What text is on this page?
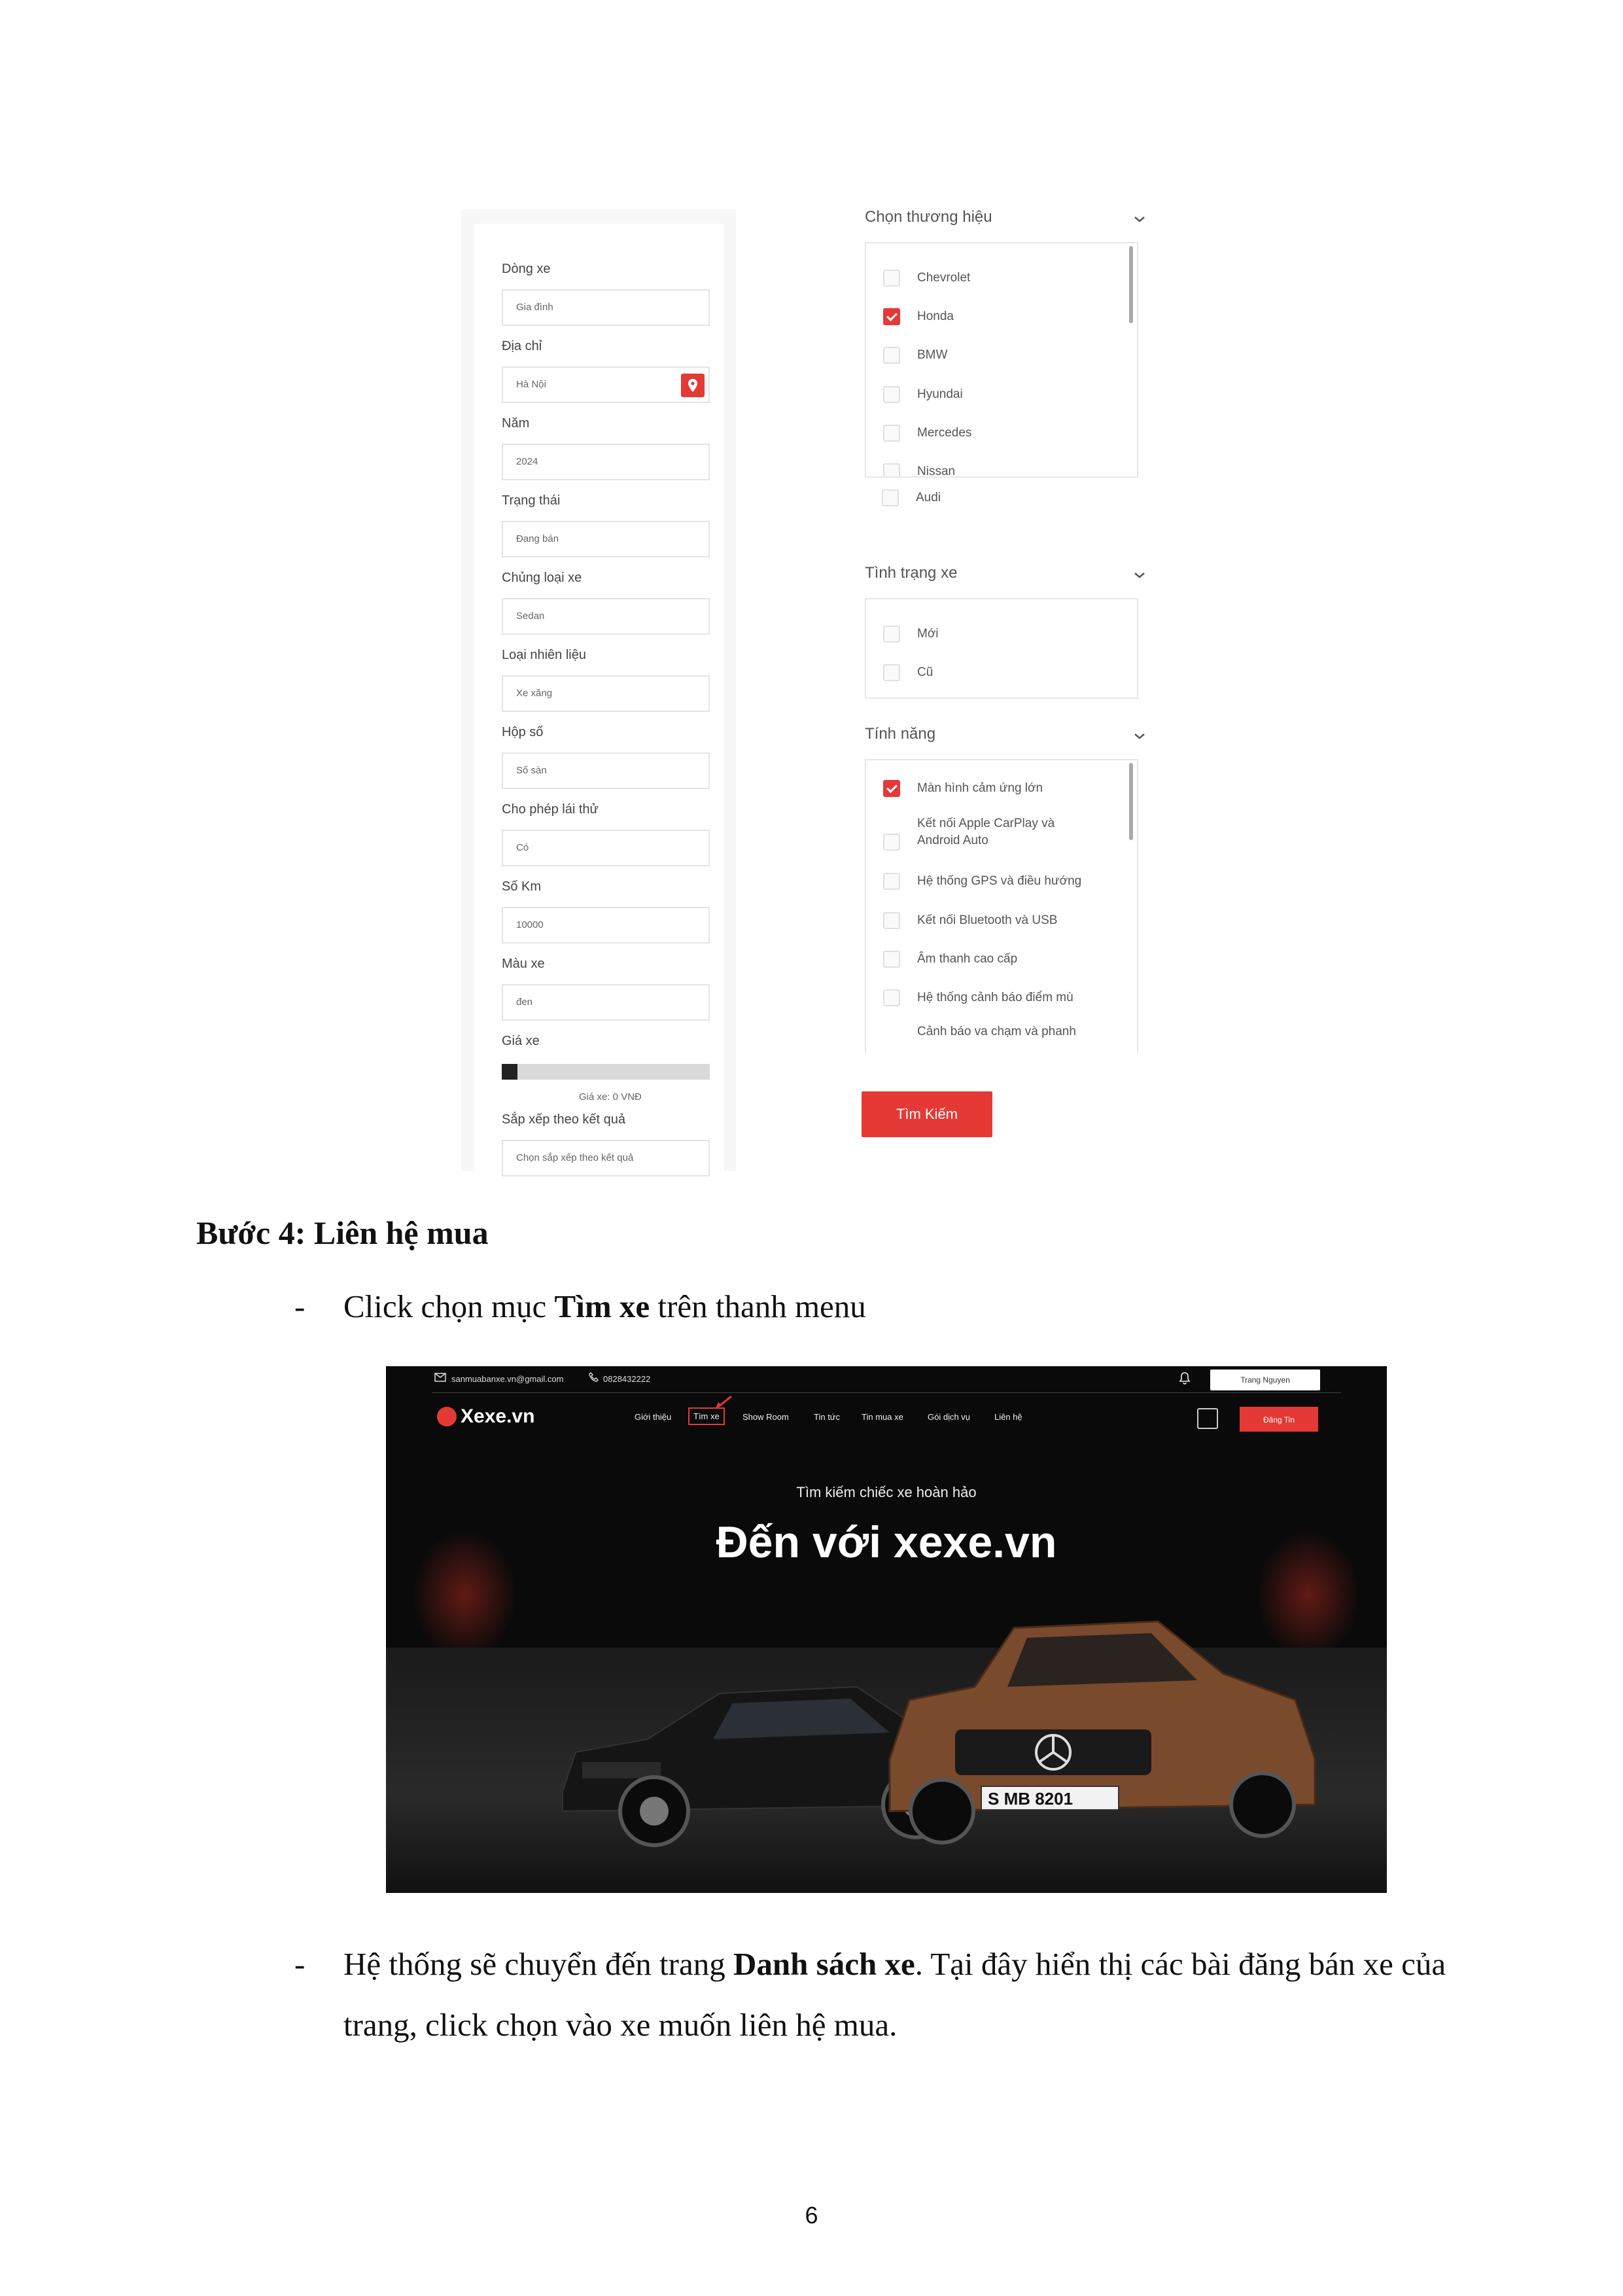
Dòng xe
Gia đình
Địa chỉ
Hà Nội
Năm
2024
Trạng thái
Đang bán
Chủng loại xe
Sedan
Loại nhiên liệu
Xe xăng
Hộp số
Số sàn
Cho phép lái thử
Có
Số Km
10000
Màu xe
đen
Giá xe
Giá xe: 0 VNĐ
Sắp xếp theo kết quả
Chọn sắp xếp theo kết quả
Chọn thương hiệu
Chevrolet
Honda
BMW
Hyundai
Mercedes
Nissan
Audi
Tình trạng xe
Mới
Cũ
Tính năng
Màn hình cảm ứng lớn
Kết nối Apple CarPlay và Android Auto
Hệ thống GPS và điều hướng
Kết nối Bluetooth và USB
Âm thanh cao cấp
Hệ thống cảnh báo điểm mù
Cảnh báo va chạm và phanh
Tìm Kiếm
Bước 4: Liên hệ mua
- Click chọn mục Tìm xe trên thanh menu
sanmuabanxe.vn@gmail.com	0828432222	Trang Nguyen
Xexe.vn	Giới thiệu	Tìm xe	Show Room	Tin tức	Tin mua xe	Gói dịch vụ	Liên hệ	Đăng Tin
Tìm kiếm chiếc xe hoàn hảo
Đến với xexe.vn
S MB 8201
- Hệ thống sẽ chuyển đến trang Danh sách xe. Tại đây hiển thị các bài đăng bán xe của trang, click chọn vào xe muốn liên hệ mua.
6
